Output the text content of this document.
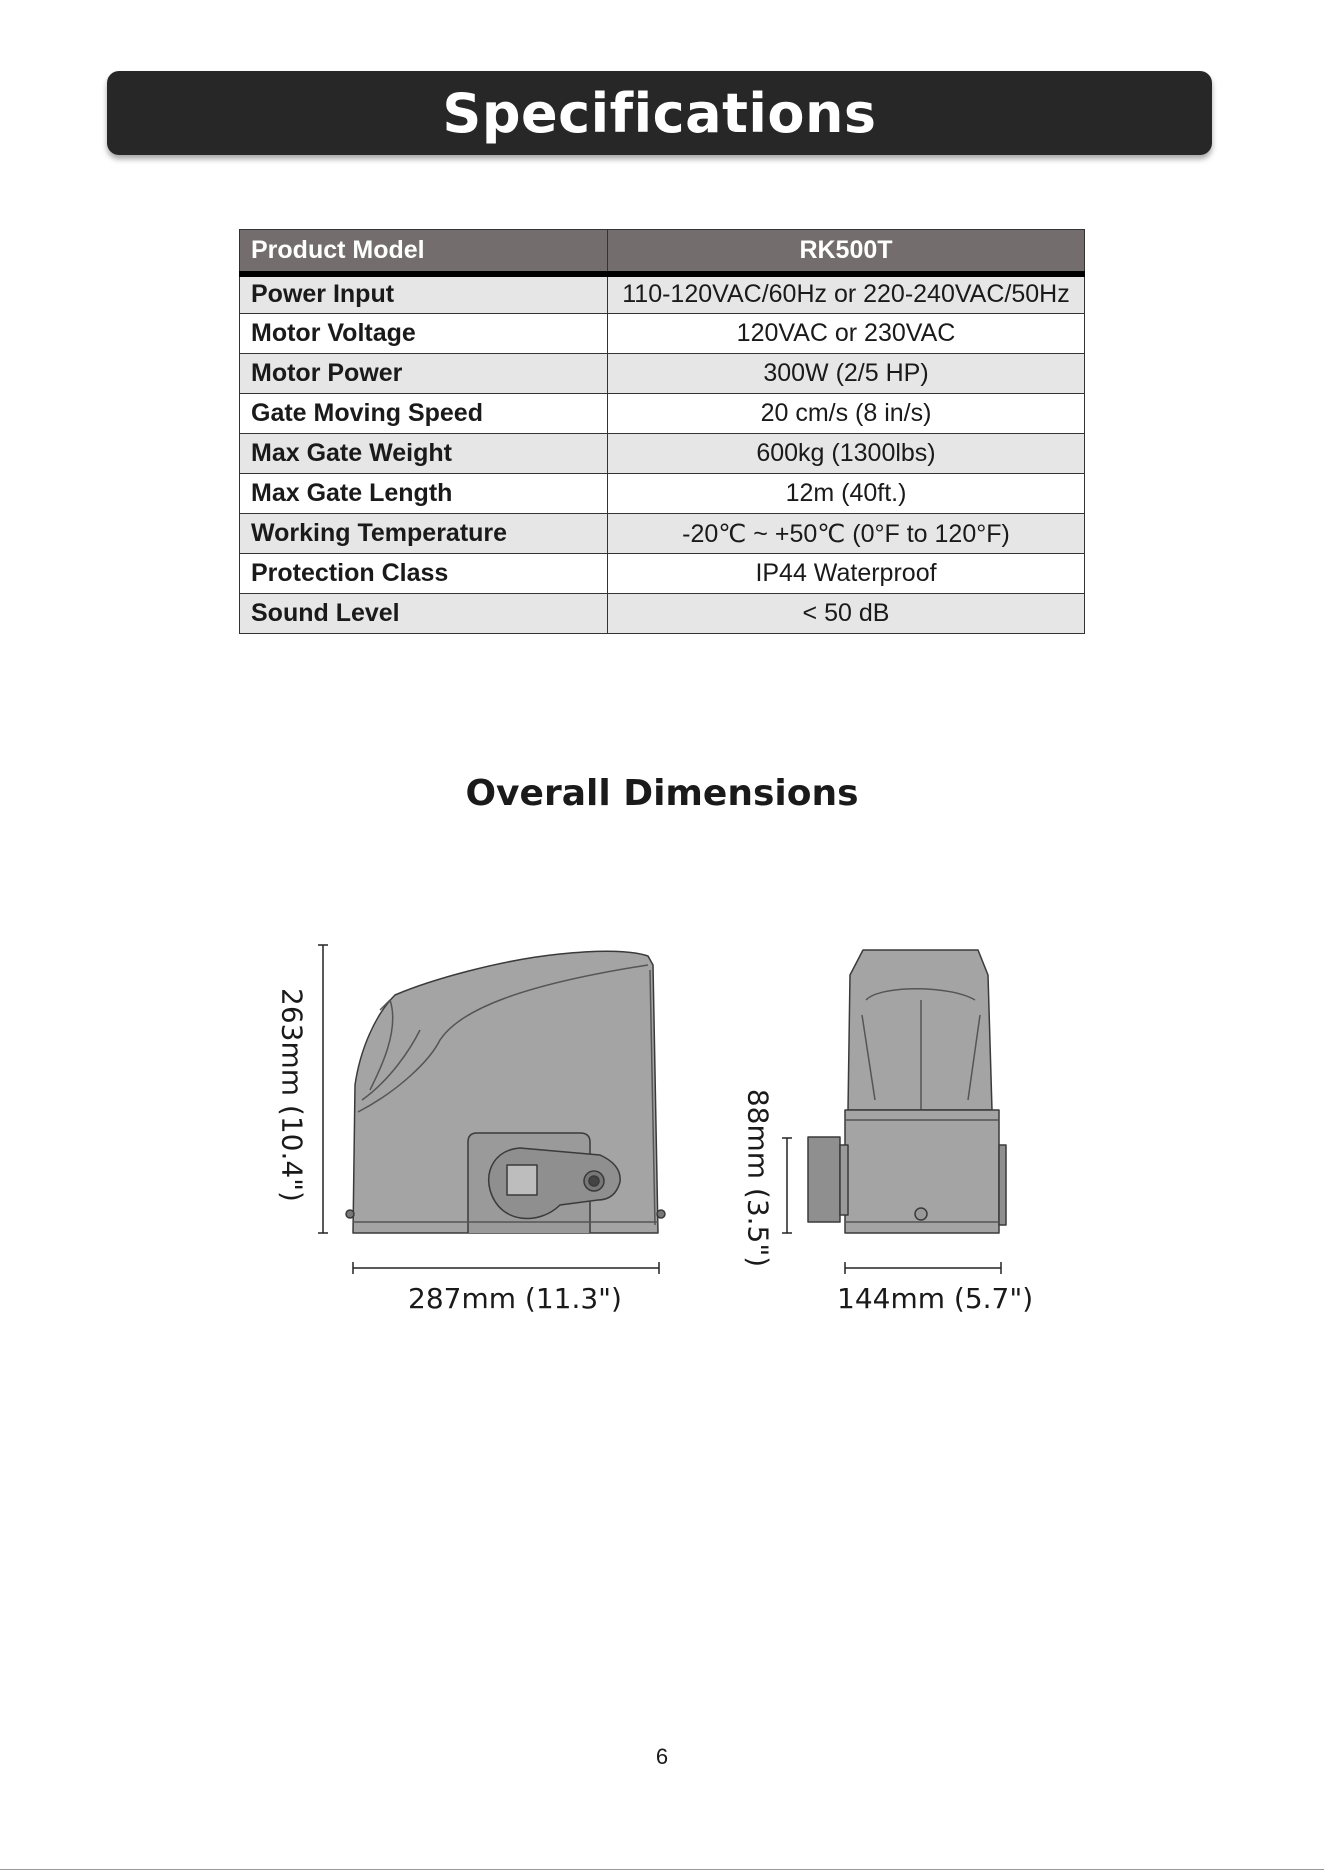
Specifications
Product Model	RK500T
Power Input	110-120VAC/60Hz or 220-240VAC/50Hz
Motor Voltage	120VAC or 230VAC
Motor Power	300W (2/5 HP)
Gate Moving Speed	20 cm/s (8 in/s)
Max Gate Weight	600kg (1300lbs)
Max Gate Length	12m (40ft.)
Working Temperature	-20℃ ~ +50℃ (0°F to 120°F)
Protection Class	IP44 Waterproof
Sound Level	< 50 dB
Overall Dimensions
263mm (10.4")
287mm (11.3")
88mm (3.5")
144mm (5.7")
6
